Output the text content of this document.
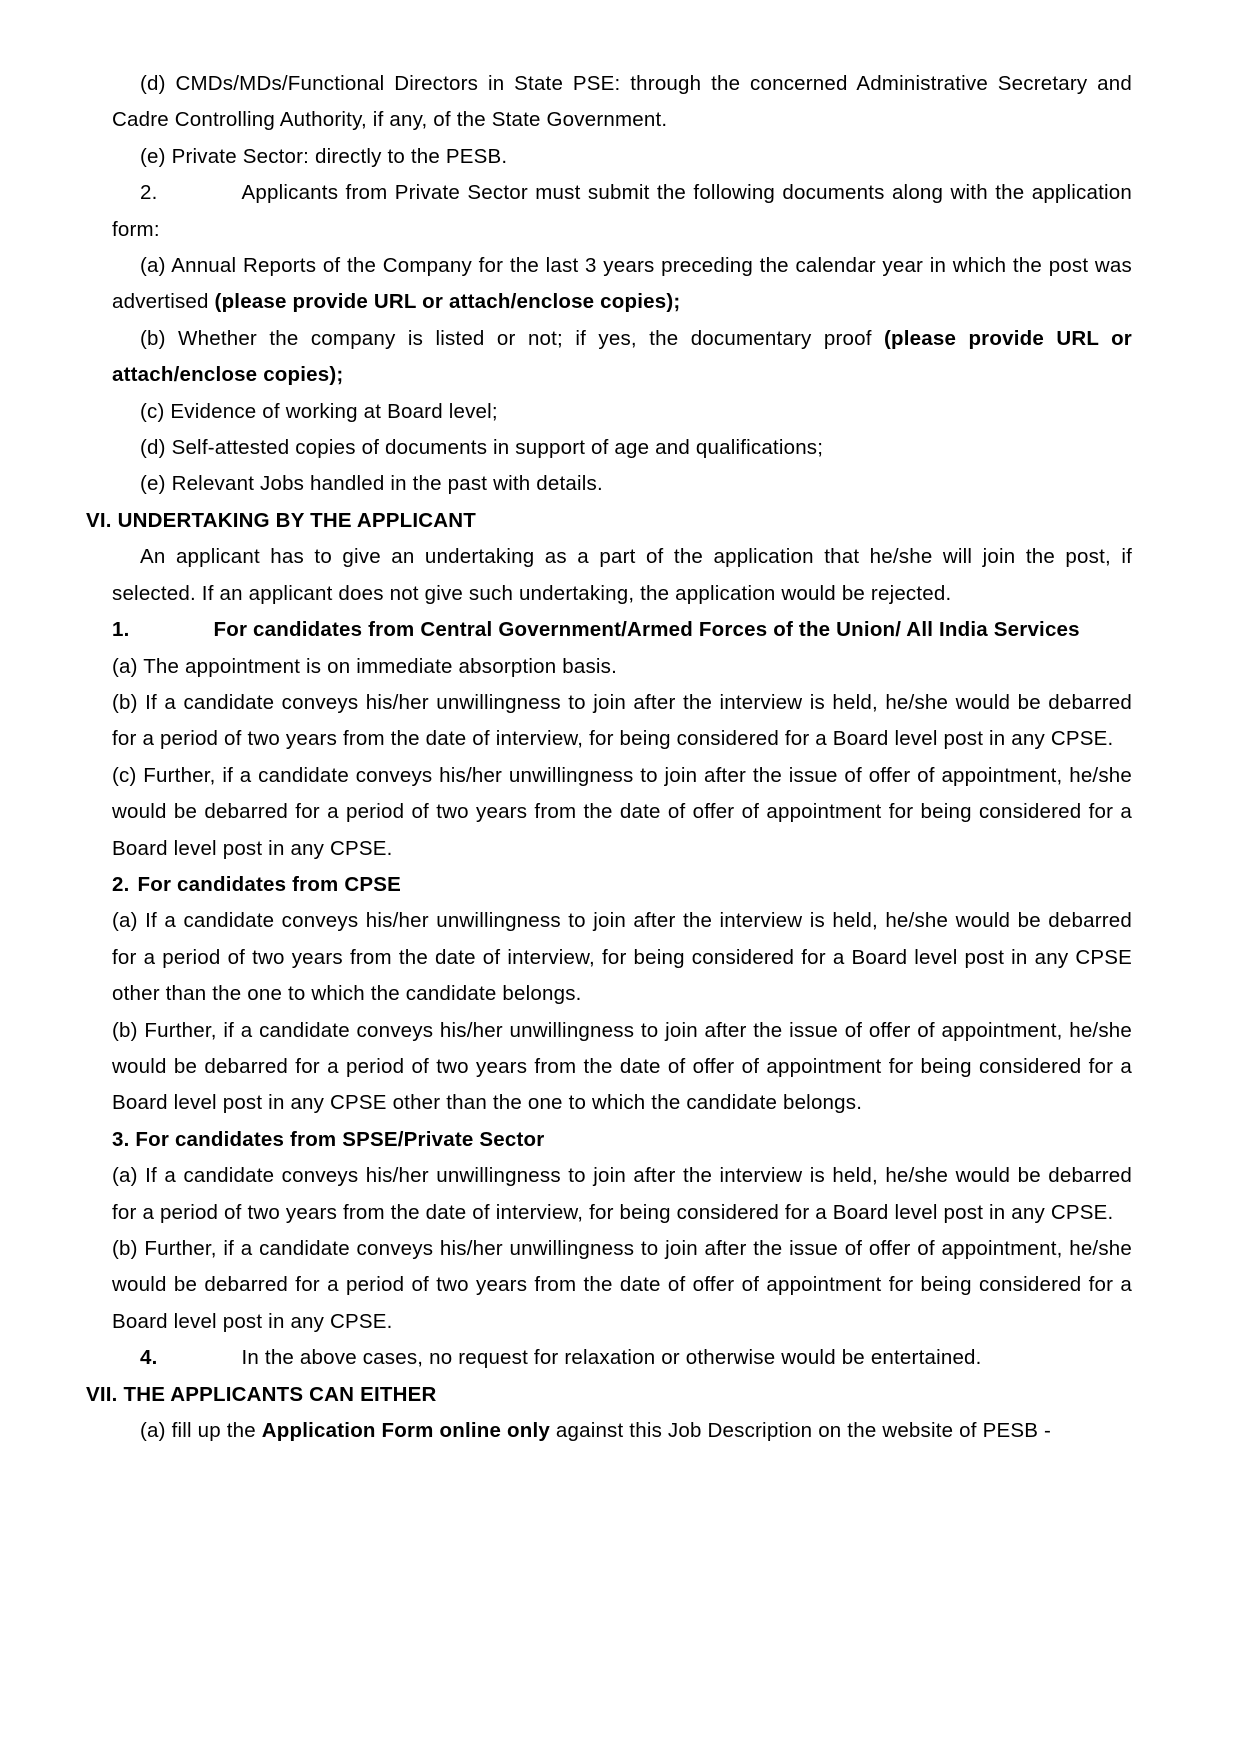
(d) CMDs/MDs/Functional Directors in State PSE: through the concerned Administrative Secretary and Cadre Controlling Authority, if any, of the State Government.

(e) Private Sector: directly to the PESB.

2.	Applicants from Private Sector must submit the following documents along with the application form:

(a) Annual Reports of the Company for the last 3 years preceding the calendar year in which the post was advertised (please provide URL or attach/enclose copies);

(b) Whether the company is listed or not; if yes, the documentary proof (please provide URL or attach/enclose copies);

(c) Evidence of working at Board level;

(d) Self-attested copies of documents in support of age and qualifications;

(e) Relevant Jobs handled in the past with details.

VI. UNDERTAKING BY THE APPLICANT

An applicant has to give an undertaking as a part of the application that he/she will join the post, if selected. If an applicant does not give such undertaking, the application would be rejected.

1.	For candidates from Central Government/Armed Forces of the Union/ All India Services

(a) The appointment is on immediate absorption basis.

(b) If a candidate conveys his/her unwillingness to join after the interview is held, he/she would be debarred for a period of two years from the date of interview, for being considered for a Board level post in any CPSE.

(c) Further, if a candidate conveys his/her unwillingness to join after the issue of offer of appointment, he/she would be debarred for a period of two years from the date of offer of appointment for being considered for a Board level post in any CPSE.

2. For candidates from CPSE

(a) If a candidate conveys his/her unwillingness to join after the interview is held, he/she would be debarred for a period of two years from the date of interview, for being considered for a Board level post in any CPSE other than the one to which the candidate belongs.

(b) Further, if a candidate conveys his/her unwillingness to join after the issue of offer of appointment, he/she would be debarred for a period of two years from the date of offer of appointment for being considered for a Board level post in any CPSE other than the one to which the candidate belongs.

3. For candidates from SPSE/Private Sector

(a) If a candidate conveys his/her unwillingness to join after the interview is held, he/she would be debarred for a period of two years from the date of interview, for being considered for a Board level post in any CPSE.

(b) Further, if a candidate conveys his/her unwillingness to join after the issue of offer of appointment, he/she would be debarred for a period of two years from the date of offer of appointment for being considered for a Board level post in any CPSE.

4.	In the above cases, no request for relaxation or otherwise would be entertained.

VII. THE APPLICANTS CAN EITHER

(a) fill up the Application Form online only against this Job Description on the website of PESB -
